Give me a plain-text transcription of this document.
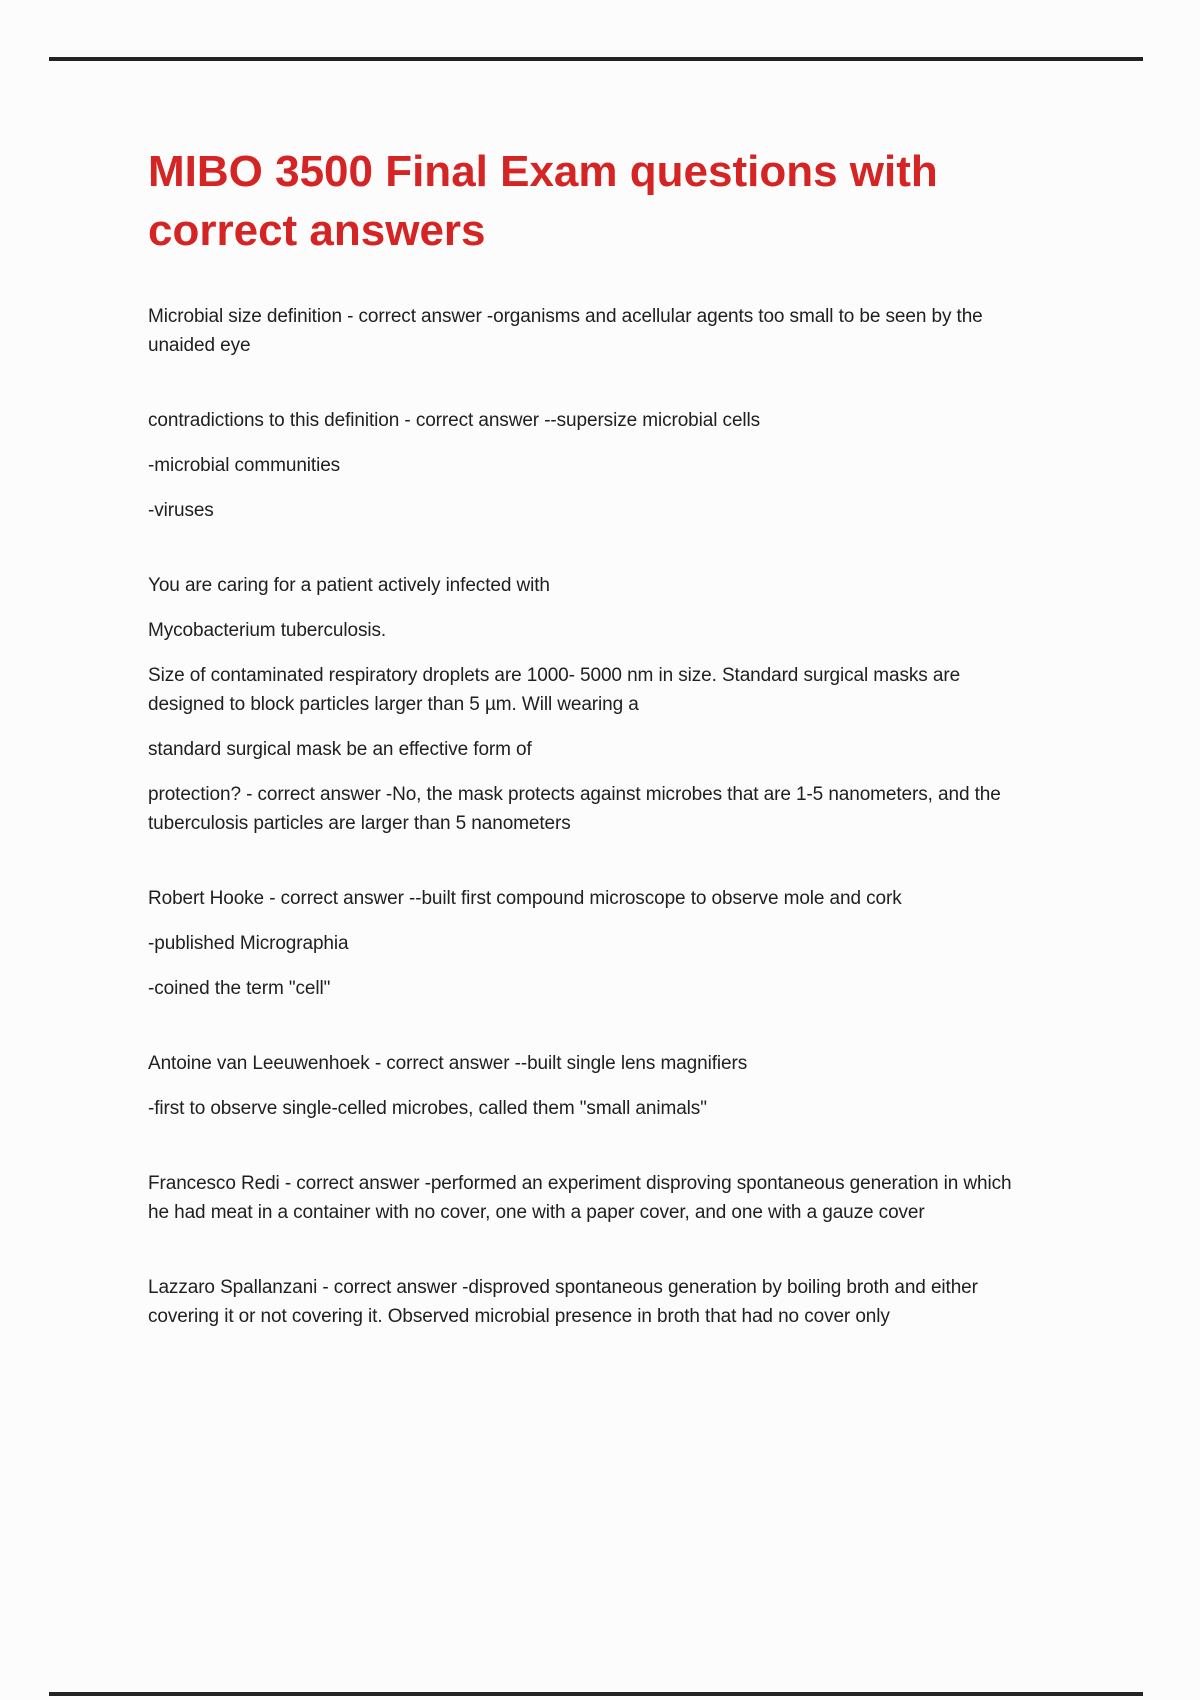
MIBO 3500 Final Exam questions with
correct answers
Microbial size definition - correct answer -organisms and acellular agents too small to be seen by the
unaided eye
contradictions to this definition - correct answer --supersize microbial cells
-microbial communities
-viruses
You are caring for a patient actively infected with
Mycobacterium tuberculosis.
Size of contaminated respiratory droplets are 1000- 5000 nm in size. Standard surgical masks are
designed to block particles larger than 5 µm. Will wearing a
standard surgical mask be an effective form of
protection? - correct answer -No, the mask protects against microbes that are 1-5 nanometers, and the
tuberculosis particles are larger than 5 nanometers
Robert Hooke - correct answer --built first compound microscope to observe mole and cork
-published Micrographia
-coined the term "cell"
Antoine van Leeuwenhoek - correct answer --built single lens magnifiers
-first to observe single-celled microbes, called them "small animals"
Francesco Redi - correct answer -performed an experiment disproving spontaneous generation in which
he had meat in a container with no cover, one with a paper cover, and one with a gauze cover
Lazzaro Spallanzani - correct answer -disproved spontaneous generation by boiling broth and either
covering it or not covering it. Observed microbial presence in broth that had no cover only
